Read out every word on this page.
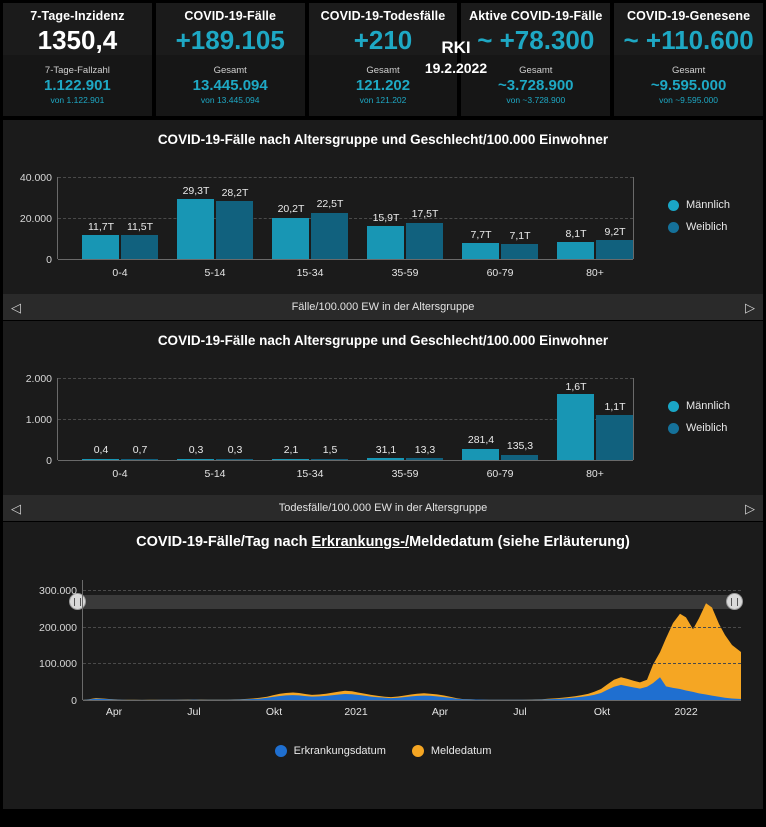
7-Tage-Inzidenz
1350,4
7-Tage-Fallzahl
1.122.901
von 1.122.901
COVID-19-Fälle
+189.105
Gesamt
13.445.094
von 13.445.094
COVID-19-Todesfälle
+210
Gesamt
121.202
von 121.202
Aktive COVID-19-Fälle
~ +78.300
Gesamt
~3.728.900
von ~3.728.900
COVID-19-Genesene
~ +110.600
Gesamt
~9.595.000
von ~9.595.000
RKI
19.2.2022
COVID-19-Fälle nach Altersgruppe und Geschlecht/100.000 Einwohner
40.000
20.000
0
11,7T	11,5T
29,3T	28,2T
20,2T	22,5T
15,9T	17,5T
7,7T	7,1T	8,1T	9,2T
0-4	5-14	15-34	35-59	60-79	80+
Männlich
Weiblich
◁	Fälle/100.000 EW in der Altersgruppe	▷
COVID-19-Fälle nach Altersgruppe und Geschlecht/100.000 Einwohner
2.000
1.000
0
0,4	0,7	0,3	0,3	2,1	1,5	31,1	13,3
281,4	135,3
1,6T
1,1T
0-4	5-14	15-34	35-59	60-79	80+
Männlich
Weiblich
◁	Todesfälle/100.000 EW in der Altersgruppe	▷
COVID-19-Fälle/Tag nach Erkrankungs-/Meldedatum (siehe Erläuterung)
300.000
200.000
100.000
0
Apr	Jul	Okt	2021	Apr	Jul	Okt	2022
Erkrankungsdatum	Meldedatum
